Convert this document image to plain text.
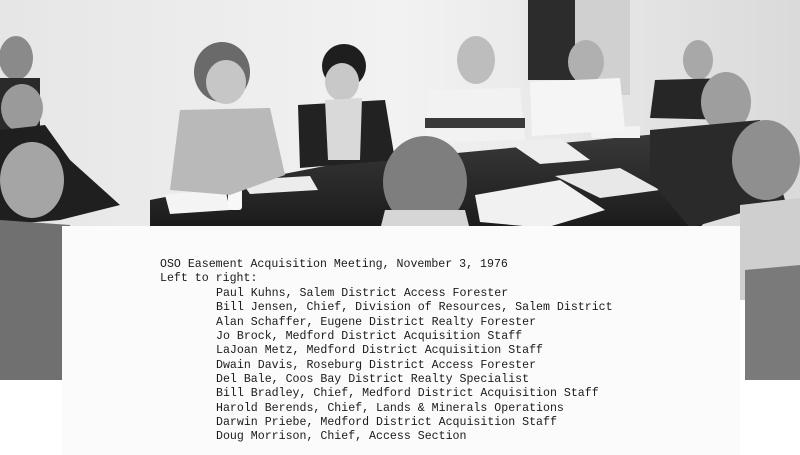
OSO Easement Acquisition Meeting, November 3, 1976
Left to right:
Paul Kuhns, Salem District Access Forester
Bill Jensen, Chief, Division of Resources, Salem District
Alan Schaffer, Eugene District Realty Forester
Jo Brock, Medford District Acquisition Staff
LaJoan Metz, Medford District Acquisition Staff
Dwain Davis, Roseburg District Access Forester
Del Bale, Coos Bay District Realty Specialist
Bill Bradley, Chief, Medford District Acquisition Staff
Harold Berends, Chief, Lands & Minerals Operations
Darwin Priebe, Medford District Acquisition Staff
Doug Morrison, Chief, Access Section
